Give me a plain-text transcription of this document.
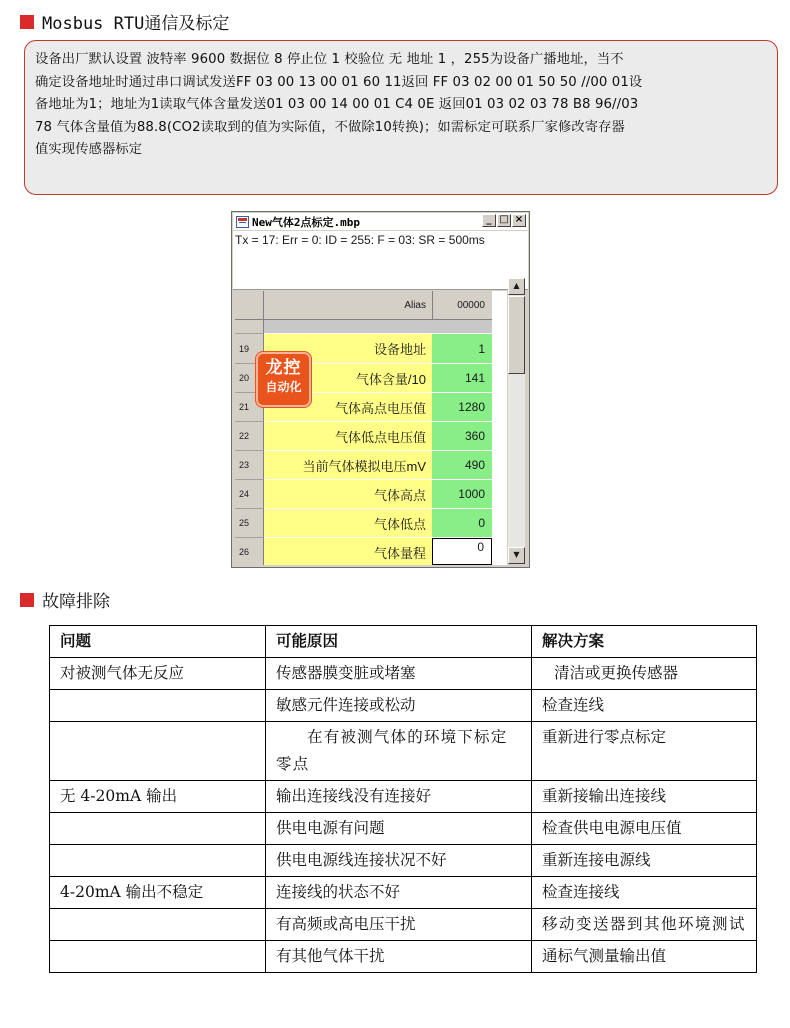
Mosbus RTU通信及标定
设备出厂默认设置 波特率 9600 数据位 8 停止位 1 校验位 无 地址 1 ，255为设备广播地址，当不
确定设备地址时通过串口调试发送FF 03 00 13 00 01 60 11返回 FF 03 02 00 01 50 50 //00 01设
备地址为1；地址为1读取气体含量发送01 03 00 14 00 01 C4 0E 返回01 03 02 03 78 B8 96//03
78 气体含量值为88.8(CO2读取到的值为实际值，不做除10转换)；如需标定可联系厂家修改寄存器
值实现传感器标定
New气体2点标定.mbp	_ □ ×
Tx = 17: Err = 0: ID = 255: F = 03: SR = 500ms
Alias	00000
19	设备地址	1
20	气体含量/10	141
21	气体高点电压值	1280
22	气体低点电压值	360
23	当前气体模拟电压mV	490
24	气体高点	1000
25	气体低点	0
26	气体量程	0
▲
▼
龙控
自动化
故障排除
问题	可能原因	解决方案
对被测气体无反应	传感器膜变脏或堵塞	清洁或更换传感器
	敏感元件连接或松动	检查连线
	在有被测气体的环境下标定零点	重新进行零点标定
无 4-20mA 输出	输出连接线没有连接好	重新接输出连接线
	供电电源有问题	检查供电电源电压值
	供电电源线连接状况不好	重新连接电源线
4-20mA 输出不稳定	连接线的状态不好	检查连接线
	有高频或高电压干扰	移动变送器到其他环境测试
	有其他气体干扰	通标气测量输出值
